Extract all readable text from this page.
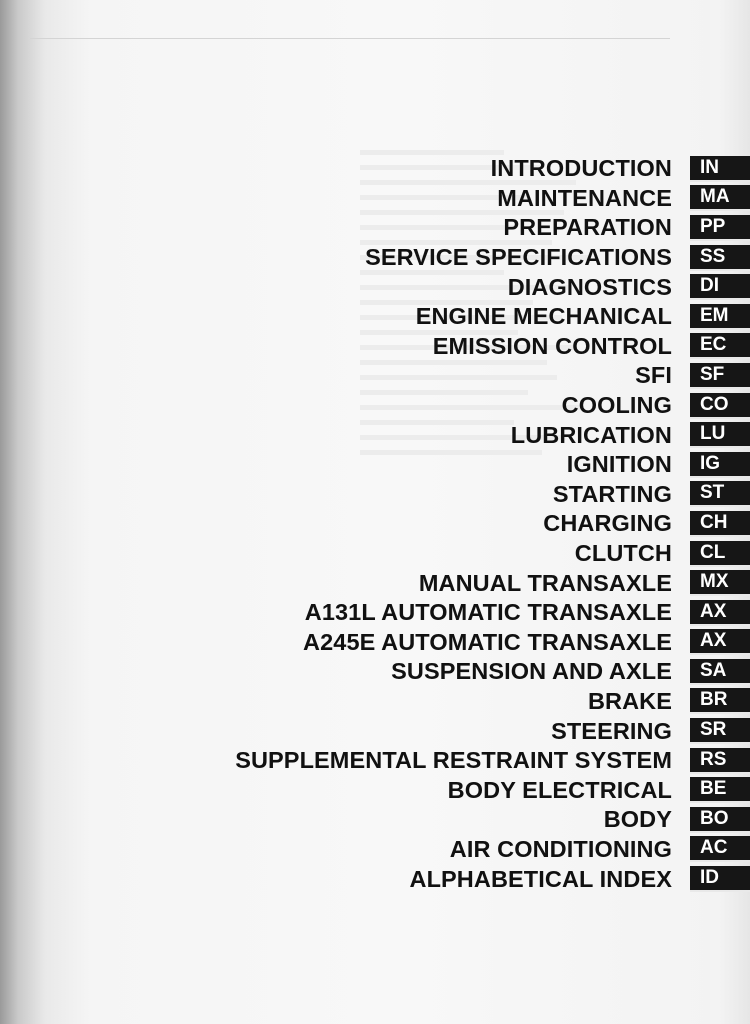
INTRODUCTION	IN
MAINTENANCE	MA
PREPARATION	PP
SERVICE SPECIFICATIONS	SS
DIAGNOSTICS	DI
ENGINE MECHANICAL	EM
EMISSION CONTROL	EC
SFI	SF
COOLING	CO
LUBRICATION	LU
IGNITION	IG
STARTING	ST
CHARGING	CH
CLUTCH	CL
MANUAL TRANSAXLE	MX
A131L AUTOMATIC TRANSAXLE	AX
A245E AUTOMATIC TRANSAXLE	AX
SUSPENSION AND AXLE	SA
BRAKE	BR
STEERING	SR
SUPPLEMENTAL RESTRAINT SYSTEM	RS
BODY ELECTRICAL	BE
BODY	BO
AIR CONDITIONING	AC
ALPHABETICAL INDEX	ID
